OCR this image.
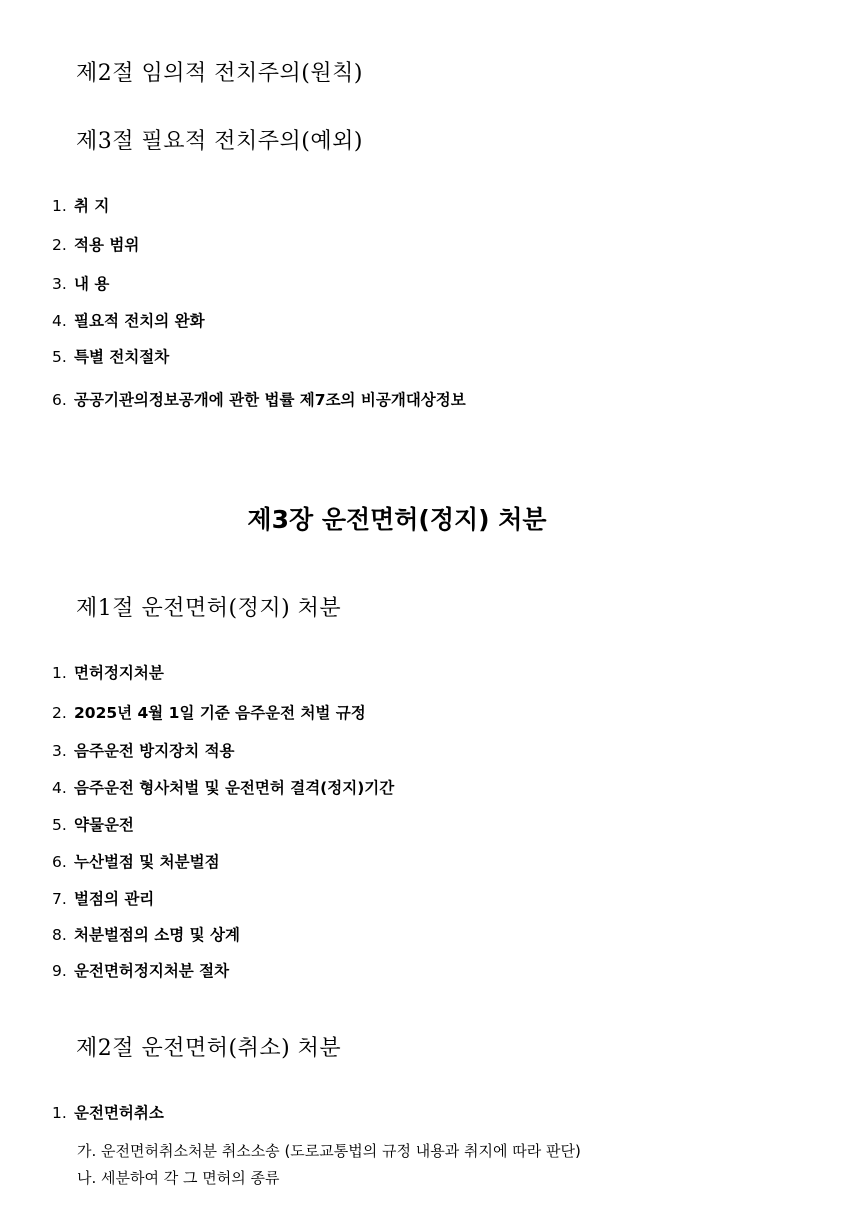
제2절 임의적 전치주의(원칙)
제3절 필요적 전치주의(예외)
1. 취 지
2. 적용 범위
3. 내 용
4. 필요적 전치의 완화
5. 특별 전치절차
6. 공공기관의정보공개에 관한 법률 제7조의 비공개대상정보
제3장 운전면허(정지) 처분
제1절 운전면허(정지) 처분
1. 면허정지처분
2. 2025년 4월 1일 기준 음주운전 처벌 규정
3. 음주운전 방지장치 적용
4. 음주운전 형사처벌 및 운전면허 결격(정지)기간
5. 약물운전
6. 누산벌점 및 처분벌점
7. 벌점의 관리
8. 처분벌점의 소명 및 상계
9. 운전면허정지처분 절차
제2절 운전면허(취소) 처분
1. 운전면허취소
가. 운전면허취소처분 취소소송 (도로교통법의 규정 내용과 취지에 따라 판단)
나. 세분하여 각 그 면허의 종류
